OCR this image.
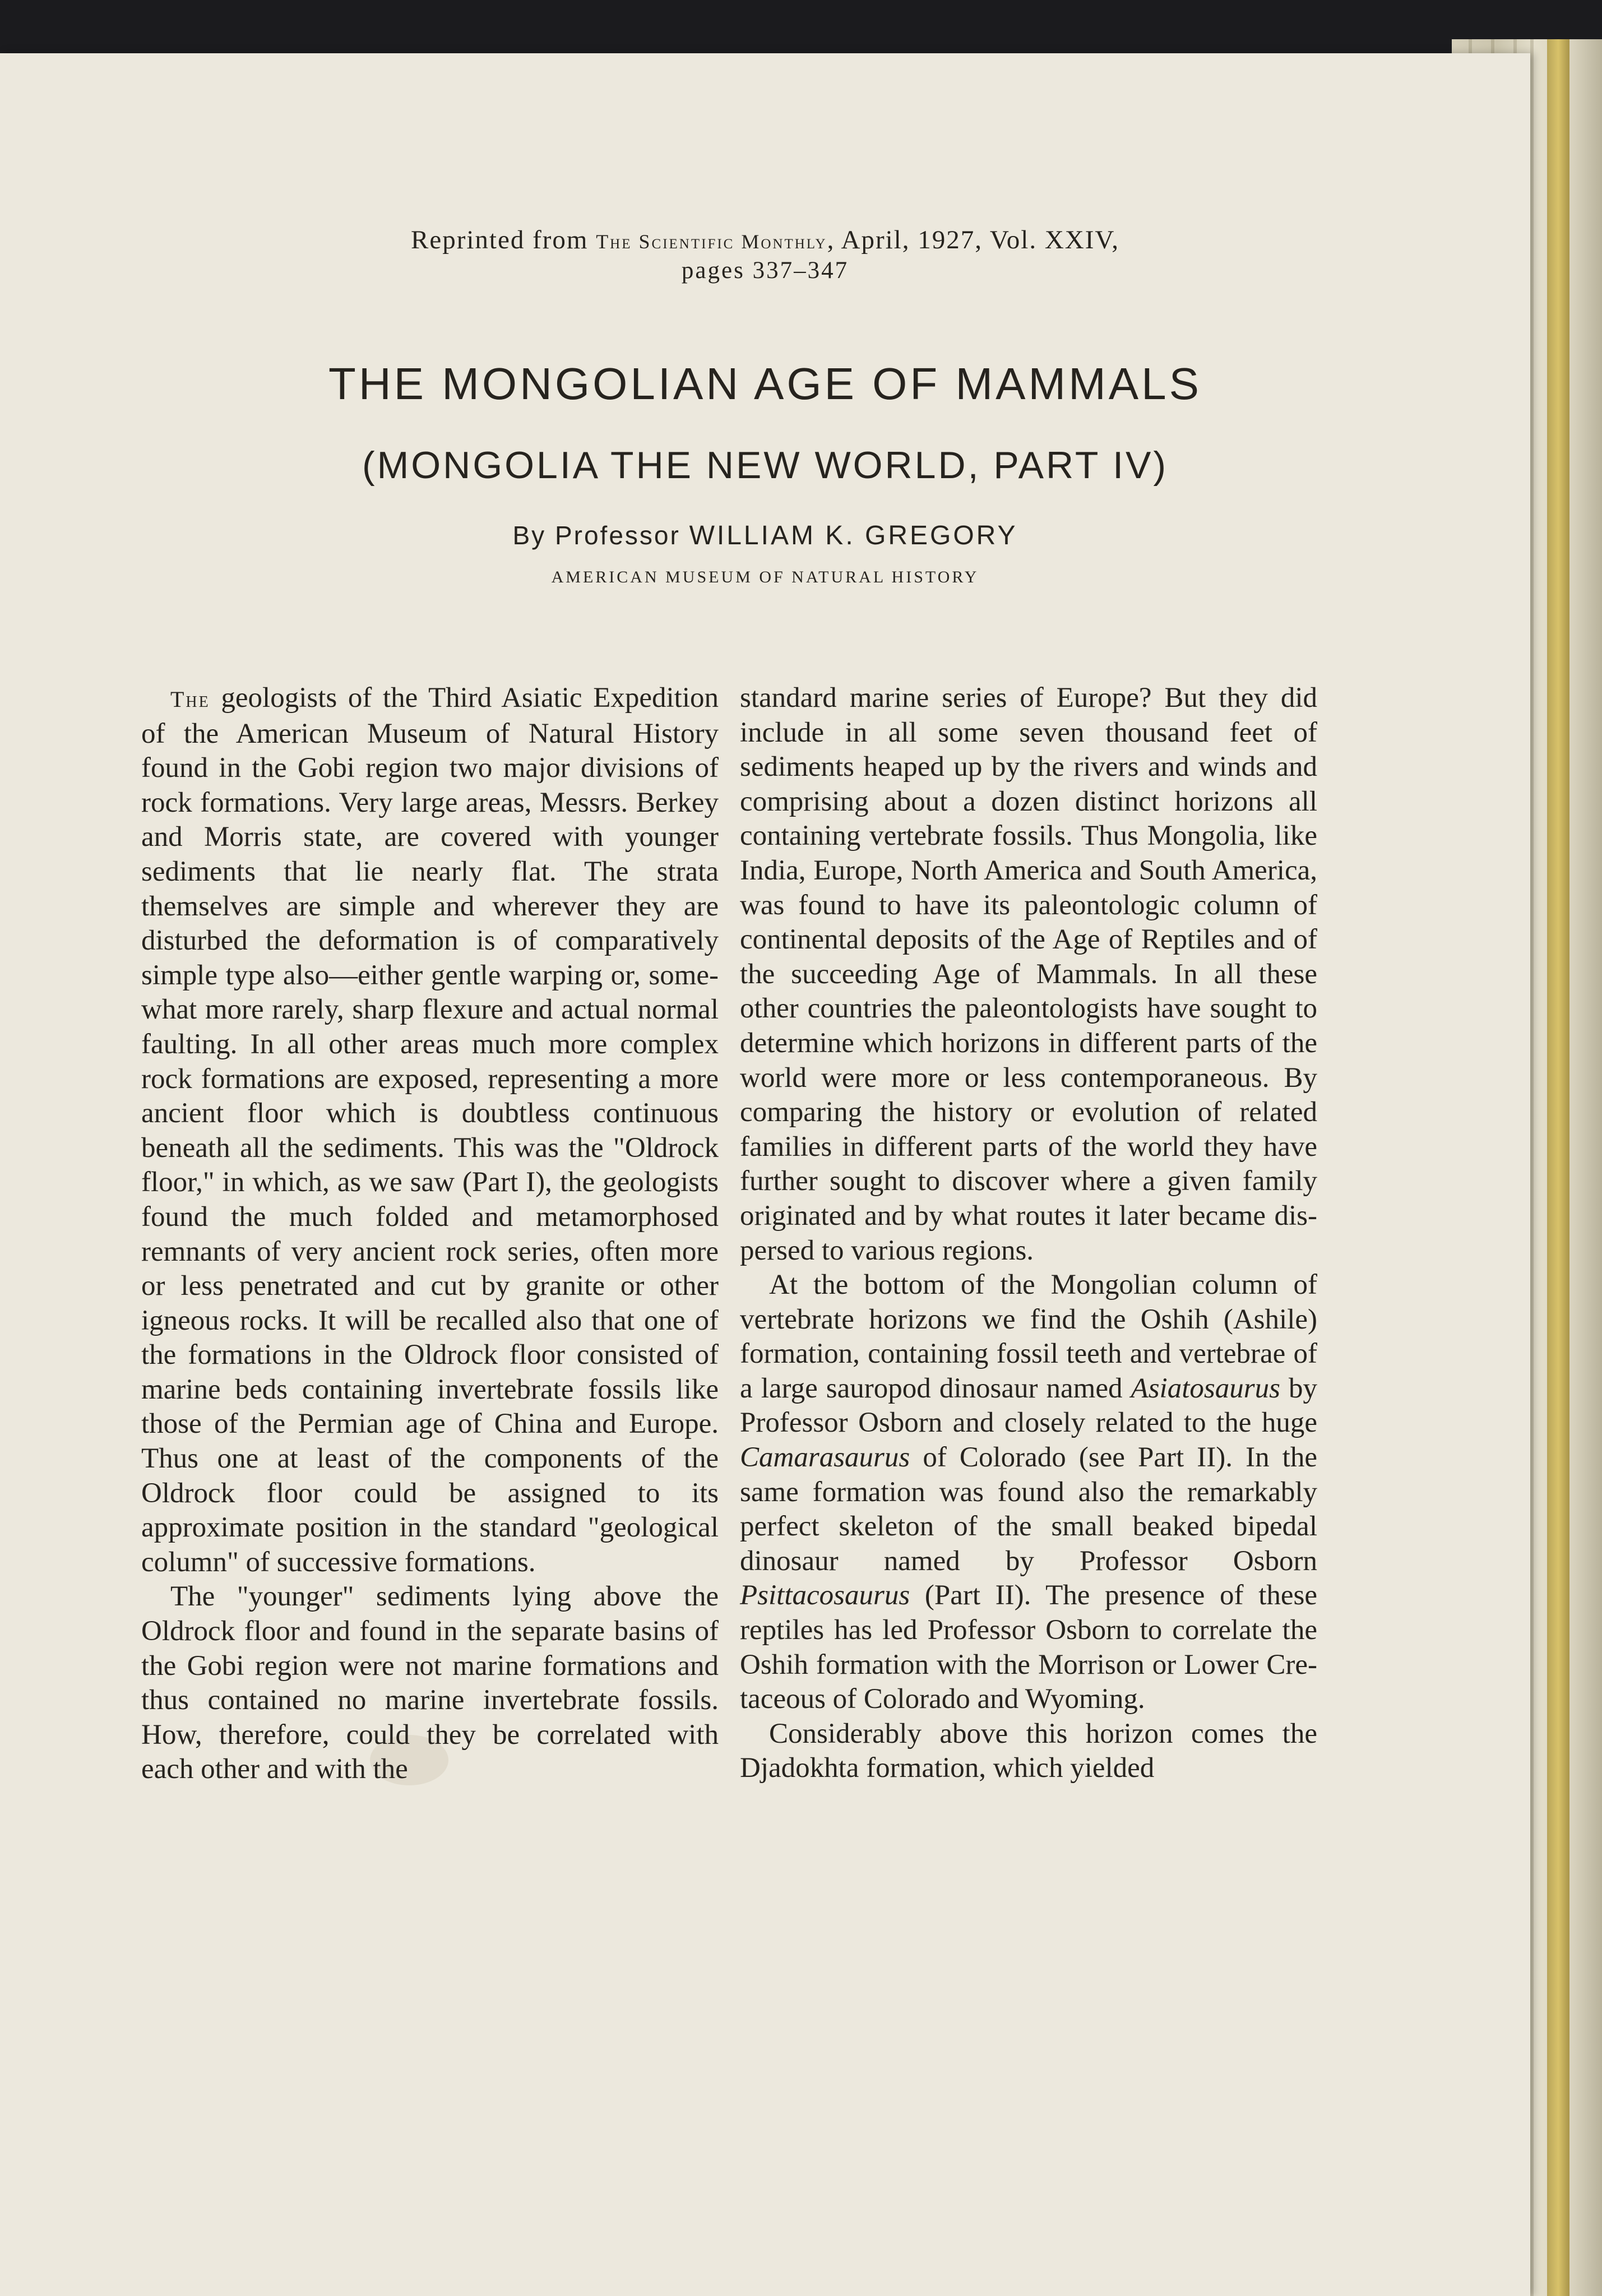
Reprinted from The Scientific Monthly, April, 1927, Vol. XXIV,
pages 337–347
THE MONGOLIAN AGE OF MAMMALS
(MONGOLIA THE NEW WORLD, PART IV)
By Professor WILLIAM K. GREGORY
AMERICAN MUSEUM OF NATURAL HISTORY

The geologists of the Third Asiatic Expedition of the American Museum of Natural History found in the Gobi region two major divisions of rock formations. Very large areas, Messrs. Berkey and Morris state, are covered with younger sediments that lie nearly flat. The strata themselves are simple and wherever they are disturbed the deformation is of comparatively simple type also—either gentle warping or, somewhat more rarely, sharp flexure and actual normal faulting. In all other areas much more complex rock formations are exposed, representing a more ancient floor which is doubtless continuous beneath all the sediments. This was the "Oldrock floor," in which, as we saw (Part I), the geologists found the much folded and metamorphosed remnants of very ancient rock series, often more or less penetrated and cut by granite or other igneous rocks. It will be recalled also that one of the formations in the Oldrock floor consisted of marine beds containing invertebrate fossils like those of the Permian age of China and Europe. Thus one at least of the components of the Oldrock floor could be assigned to its approximate position in the standard "geological column" of successive formations.

The "younger" sediments lying above the Oldrock floor and found in the separate basins of the Gobi region were not marine formations and thus contained no marine invertebrate fossils. How, therefore, could they be correlated with each other and with the

standard marine series of Europe? But they did include in all some seven thousand feet of sediments heaped up by the rivers and winds and comprising about a dozen distinct horizons all containing vertebrate fossils. Thus Mongolia, like India, Europe, North America and South America, was found to have its paleontologic column of continental deposits of the Age of Reptiles and of the succeeding Age of Mammals. In all these other countries the paleontologists have sought to determine which horizons in different parts of the world were more or less contemporaneous. By comparing the history or evolution of related families in different parts of the world they have further sought to discover where a given family originated and by what routes it later became dispersed to various regions.

At the bottom of the Mongolian column of vertebrate horizons we find the Oshih (Ashile) formation, containing fossil teeth and vertebrae of a large sauropod dinosaur named Asiatosaurus by Professor Osborn and closely related to the huge Camarasaurus of Colorado (see Part II). In the same formation was found also the remarkably perfect skeleton of the small beaked bipedal dinosaur named by Professor Osborn Psittacosaurus (Part II). The presence of these reptiles has led Professor Osborn to correlate the Oshih formation with the Morrison or Lower Cretaceous of Colorado and Wyoming.

Considerably above this horizon comes the Djadokhta formation, which yielded
